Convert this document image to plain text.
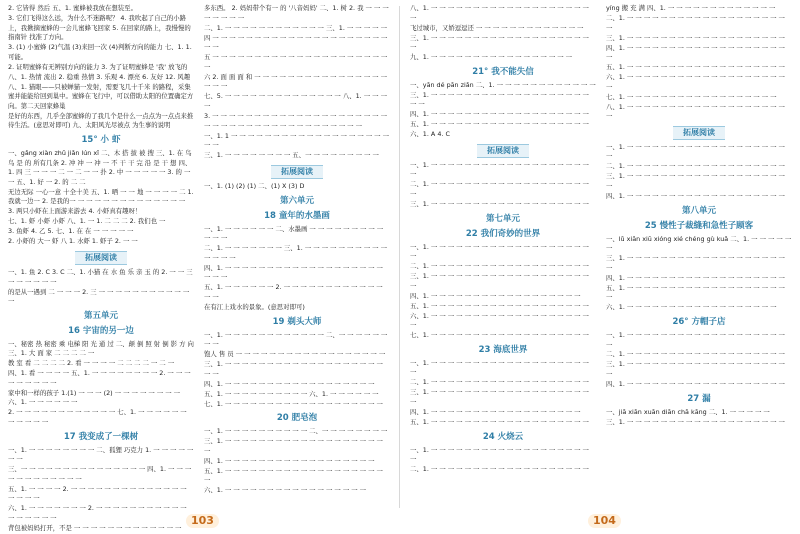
2. 它皆得 然后 五、1. 蜜蜂被我放在想装至。
3. 它们飞得这么远，为什么不迷路呢？ 4. 我吹起了自己的小路上，我揪摘蜜蜂的一会儿蜜蜂飞回家 5. 在回家的路上，我慢慢的指南针 找准了方向。
3. (1) 小蜜蜂 (2)气温 (3)来回一次 (4)判断方向的能力 七、1. 1. 可能。
2. 证明蜜蜂有无辨别方向的能力 3. 为了证明蜜蜂是 '我' 放飞的
八、1. 热情 流出 2. 稳重 热情 3. 乐观 4. 漂亮 6. 友好 12. 风趣
八、1. 猫眼——只被蝉猫一发射，需要飞几十千米 的路程，采集蜜并能能给回到巢中。蜜蜂在飞行中，可以借助太阳的位置确定方向。第二天回家蜂巢
是好的东西，几乎全部蜜蜂的了我几个是什么一点点为一点点来推待生活。(意思对即可) 九、太阳风光尽被点 为生事的说明
15° 小 虾
一、gǎng xiàn zhǔ jiǎn lún xǐ 二、木 搭 拔 被 搜 三、1. 在 鸟 鸟 是 的 所有几条 2. 冲 冲 一 冲 一 不 干 干 完 沿 是 干 想 四、1. 四 三 一 一 一 二 一 二 一 一 扑 2. 中 一 一 一 一 一 3. 的 一 一 五、1. 好 一 2. 的 二 二
无边无际 一心一意 十全十美 五、1. 晒 一 一 地 一 一 一 一 二 1. 我就一边一 2. 是我的一 一 一 一 一 一 一 一 一 一 一 一 一 一
3. 两只小虾在上面游来游去 4. 小虾真有趣呀！
七、1. 虾 小虾 小虾 八、1. 一 1. 二 二 二 2. 我们也 一
3. 鱼虾 4. 乙 5. 七、1. 在 在 一 一 一 一 一
2. 小虾的 大一 虾 八 1. 水虾 1. 虾子 2. 一 一
拓展阅读
一、1. 鱼 2. C 3. C 二、1. 小猫 在 水 鱼 乐 亲 玉 的 2. 一 一 三 一 一 一 一 一 一
的是从一遇到 二 一 一 一 2. 三 一 一 一 一 一 一 一 一 一 一 一 一
第五单元
16 宇宙的另一边
一、秘密 热 秘密 乘 电梯 阳 光 通 过 二、颠 倒 照 射 倒 影 方 向 三、1. 大 面 家 二 二 二 二 一
教 室 看 二 二 二 二 2. 看 一 一 一 一 二 二 二 二 一 二 一
四、1. 看 一 一 一 一 五、1. 一 一 一 一 一 一 一 一 2. 一 一 一 一 一 一 一 一 一
家中和一样的孩子 1.(1) 一 一 一 (2) 一 一 一 一 一 一 一 一 六、1. 一 一 一 一 一 一
2. 一 一 一 一 一 一 一 一 一 一 一 一 七、1. 一 一 一 一 一 一 一 一 一 一 一
17 我变成了一棵树
一、1. 一 一 一 一 一 一 一 一 二、狐狸 巧克力 1. 一 一 一 一 一 一 一
三、一 一 一 一 一 一 一 一 一 一 一 一 一 一 一 四、1. 一 一 一 一 一 一 一 一 一 一 一 一
五、1. 一 一 一 一 2. 一 一 一 一 一 一 一 一 一 一 一 一 一 一 一 一 一 一
六、1. 一 一 一 一 一 一 一 2. 一 一 一 一 一 一 一 一 一 一 一 一 一 一 一 一 一
背包被妈妈打开，不是 一 一 一 一 一 一 一 一 一 一 一 一 一
多东西。 2. 妈妈带个有一 的 '八音妈妈' 二、1. 树 2. 我 一 一 一 一 一 一 一 一
二、1. 一 一 一 一 一 一 一 一 一 一 一 一 三、1. 一 一 一 一 一
四 一 一 一 一 一 一 一 一 一 一 一 一 一 一 一 一 一 一 一 一 一 一 一
五 一 一 一 一 一 一 一 一 一 一 一 一 一 一 一 一 一 一 一 一 一 一
六 2. 面 面 面 和 一 一 一 一 一 一 一 一 一 一 一 一 一 一 一 一 一 一 一
七、5. 一 一 一 一 一 一 一 一 一 一 一 一 一 一 八、1. 一 一 一 一
3. 一 一 一 一 一 一 一 一 一 一 一 一 一 一 一 一 一 一 一 一 一
一 一 一 一 一 一 一 一 一 一 一 一 一 一 一 一 一 一 一
一、1. 1 一 一 一 一 一 一 一 一 一 一 一 一 一 一 一 一 一 一 一 一 一
三、1. 一 一 一 一 一 一 一 一 五、一 一 一 一 一 一 一 一 一
拓展阅读
一、1. (1) (2) (1) 二、(1) X (3) D
第六单元
18 童年的水墨画
一、1. 一 一 一 一 一 一 二、水墨画 一 一 一 一 一 一 一 一 一 一 一 一
二、1. 一 一 一 一 一 一 一 三、1. 一 一 一 一 一 一 一 一 一 一 一 一 一 一
四、1. 一 一 一 一 一 一 一 一 一 一 一 一 一 一 一 一 一 一 一 一 一 一
五、1. 一 一 一 一 一 一 2. 一 一 一 一 一 一 一 一 一 一 一 一 一 一
在有江上戏水的景象。(意思对即可)
19 剃头大师
一、1. 一 一 一 一 一 一 一 一 一 一 一 一 二、一 一 一 一 一 一 一 一
饱人 售 员 一 一 一 一 一 一 一 一 一 一 一 一 一 一 一 一 一 一
三、1. 一 一 一 一 一 一 一 一 一 一 一 一 一 一 一 一 一 一 一 一 一
四、1. 一 一 一 一 一 一 一 一 一 一 一 一 一 一 一 一 一 一
五、1. 一 一 一 一 一 一 一 一 一 一 六、1. 一 一 一 一 一 一
七、1. 一 一 一 一 一 一 一 一 一 一 一 一 一 一 一 一 一 一 一
20 肥皂泡
一、1. 一 一 一 一 一 一 一 一 一 一 二、一 一 一 一 一 一 一 一
三、1. 一 一 一 一 一 一 一 一 一 一 一 一 一 一 一 一 一 一 一 一
四、1. 一 一 一 一 一 一 一 一 一 一 一 一 一 一 一 一 一 一
五、1. 一 一 一 一 一 一 一 一 一 一 一 一 一 一 一 一 一 一 一 一
六、1. 一 一 一 一 一 一 一 一 一 一 一 一 一 一 一 一 一
八、1. 一 一 一 一 一 一 一 一 一 一 一 一 一 一 一 一 一 一 一 一
飞过城市，又娇逗逗还 一 一 一 一 一 一 一 一 一 一 一 一 一
三、1. 一 一 一 一 一 一 一 一 一 一 一 一 一 一 一 一 一 一 一 一
九、1. 一 一 一 一 一 一 一 一 一 一 一 一 一 一 一 一 一
21° 我不能失信
一、yān dé pān ziǎn 二、1. 一 一 一 一 一 一 一 一 一 一 一 一
三、1. 一 一 一 一 一 一 一 一 一 一 一 一 一 一 一 一 一 一 一 一 一
四、1. 一 一 一 一 一 一 一 一 一 一 一 一 一 一 一 一 一 一 一
五、1. 一 一 一 一 一 一 一 一 一 一 一 一 一 一 一 一 一 一 一
六、1. A 4. C
拓展阅读
一、1. 一 一 一 一 一 一 一 一 一 一 一 一 一 一 一 一 一 一 一 一
二、1. 一 一 一 一 一 一 一 一 一 一 一 一 一 一 一 一 一 一 一 一
三、1. 一 一 一 一 一 一 一 一 一 一 一 一 一 一 一 一 一 一 一
第七单元
22 我们奇妙的世界
一、1. 一 一 一 一 一 一 一 一 一 一 一 一 一 一 一 一 一 一 一 一
二、1. 一 一 一 一 一 一 一 一 一 一 一 一 一 一 一 一 一 一 一
三、1. 一 一 一 一 一 一 一 一 一 一 一 一 一 一 一 一 一 一 一 一
四、1. 一 一 一 一 一 一 一 一 一 一 一 一 一 一 一 一 一 一
五、1. 一 一 一 一 一 一 一 一 一 一 一 一 一 一 一 一 一 一 一
六、1. 一 一 一 一 一 一 一 一 一 一 一 一 一 一 一 一 一 一 一 一
七、1. 一 一 一 一 一 一 一 一 一 一 一 一 一 一 一 一 一 一 一
23 海底世界
一、1. 一 一 一 一 一 一 一 一 一 一 一 一 一 一 一 一 一 一 一 一
二、1. 一 一 一 一 一 一 一 一 一 一 一 一 一 一 一 一 一 一 一
三、1. 一 一 一 一 一 一 一 一 一 一 一 一 一 一 一 一 一 一 一 一
四、1. 一 一 一 一 一 一 一 一 一 一 一 一 一 一 一 一 一 一
五、1. 一 一 一 一 一 一 一 一 一 一 一 一 一 一 一 一 一 一 一
24 火烧云
一、1. 一 一 一 一 一 一 一 一 一 一 一 一 一 一 一 一 一 一 一 一
二、1. 一 一 一 一 一 一 一 一 一 一 一 一 一 一 一 一 一 一 一
yíng 搬 充 满 四、1. 一 一 一 一 一 一 一 一 一 一 一 一 一
二、1. 一 一 一 一 一 一 一 一 一 一 一 一 一 一 一 一 一 一 一 一
三、1. 一 一 一 一 一 一 一 一 一 一 一 一 一 一 一 一 一 一 一
四、1. 一 一 一 一 一 一 一 一 一 一 一 一 一 一 一 一 一 一 一 一
五、1. 一 一 一 一 一 一 一 一 一 一 一 一 一 一 一 一 一 一 一
六、1. 一 一 一 一 一 一 一 一 一 一 一 一 一 一 一 一 一 一 一 一
七、1. 一 一 一 一 一 一 一 一 一 一 一 一 一 一 一 一 一 一
八、1. 一 一 一 一 一 一 一 一 一 一 一 一 一 一 一 一 一 一 一 一
拓展阅读
一、1. 一 一 一 一 一 一 一 一 一 一 一 一 一 一 一 一 一 一 一 一
二、1. 一 一 一 一 一 一 一 一 一 一 一 一 一 一 一 一 一 一 一
三、1. 一 一 一 一 一 一 一 一 一 一 一 一 一 一 一 一 一 一 一 一
四、1. 一 一 一 一 一 一 一 一 一 一 一 一 一 一 一 一 一 一 一
第八单元
25 慢性子裁缝和急性子顾客
一、lǔ xiān xiū xióng xié chéng gù kuǎ 二、1. 一 一 一 一 一 一
三、1. 一 一 一 一 一 一 一 一 一 一 一 一 一 一 一 一 一 一 一 一
四、1. 一 一 一 一 一 一 一 一 一 一 一 一 一 一 一 一 一 一 一
五、1. 一 一 一 一 一 一 一 一 一 一 一 一 一 一 一 一 一 一 一 一
六、1. 一 一 一 一 一 一 一 一 一 一 一 一 一 一 一 一 一 一
26° 方帽子店
一、1. 一 一 一 一 一 一 一 一 一 一 一 一 一 一 一 一 一 一 一 一
二、1. 一 一 一 一 一 一 一 一 一 一 一 一 一 一 一 一 一 一 一
三、1. 一 一 一 一 一 一 一 一 一 一 一 一 一 一 一 一 一 一 一 一
四、1. 一 一 一 一 一 一 一 一 一 一 一 一 一 一 一 一 一 一 一
27 漏
一、jiā xiān xuān diān chā kāng 二、1. 一 一 一 一 一
三、1. 一 一 一 一 一 一 一 一 一 一 一 一 一 一 一 一 一 一 一
103	104
